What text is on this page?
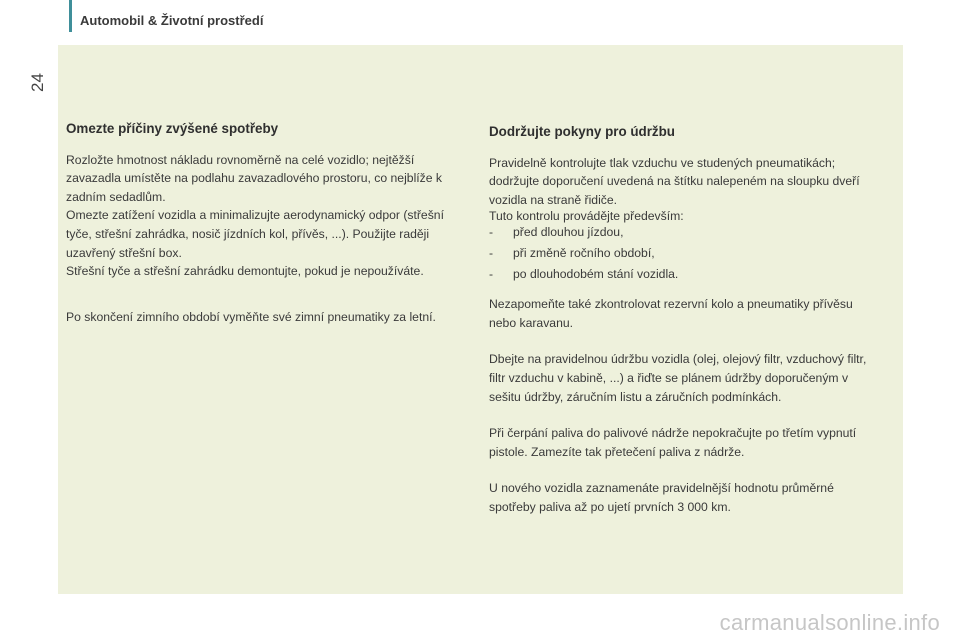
Automobil & Životní prostředí
24
Omezte příčiny zvýšené spotřeby

Rozložte hmotnost nákladu rovnoměrně na celé vozidlo; nejtěžší

zavazadla umístěte na podlahu zavazadlového prostoru, co nejblíže k

zadním sedadlům.

Omezte zatížení vozidla a minimalizujte aerodynamický odpor (střešní

tyče, střešní zahrádka, nosič jízdních kol, přívěs, ...). Použijte raději

uzavřený střešní box.

Střešní tyče a střešní zahrádku demontujte, pokud je nepoužíváte.

Po skončení zimního období vyměňte své zimní pneumatiky za letní.

Dodržujte pokyny pro údržbu

Pravidelně kontrolujte tlak vzduchu ve studených pneumatikách;

dodržujte doporučení uvedená na štítku nalepeném na sloupku dveří

vozidla na straně řidiče.

Tuto kontrolu provádějte především:

-	před dlouhou jízdou,
-	při změně ročního období,
-	po dlouhodobém stání vozidla.

Nezapomeňte také zkontrolovat rezervní kolo a pneumatiky přívěsu

nebo karavanu.

Dbejte na pravidelnou údržbu vozidla (olej, olejový filtr, vzduchový filtr,

filtr vzduchu v kabině, ...) a řiďte se plánem údržby doporučeným v

sešitu údržby, záručním listu a záručních podmínkách.

Při čerpání paliva do palivové nádrže nepokračujte po třetím vypnutí

pistole. Zamezíte tak přetečení paliva z nádrže.

U nového vozidla zaznamenáte pravidelnější hodnotu průměrné

spotřeby paliva až po ujetí prvních 3 000 km.

carmanualsonline.info
